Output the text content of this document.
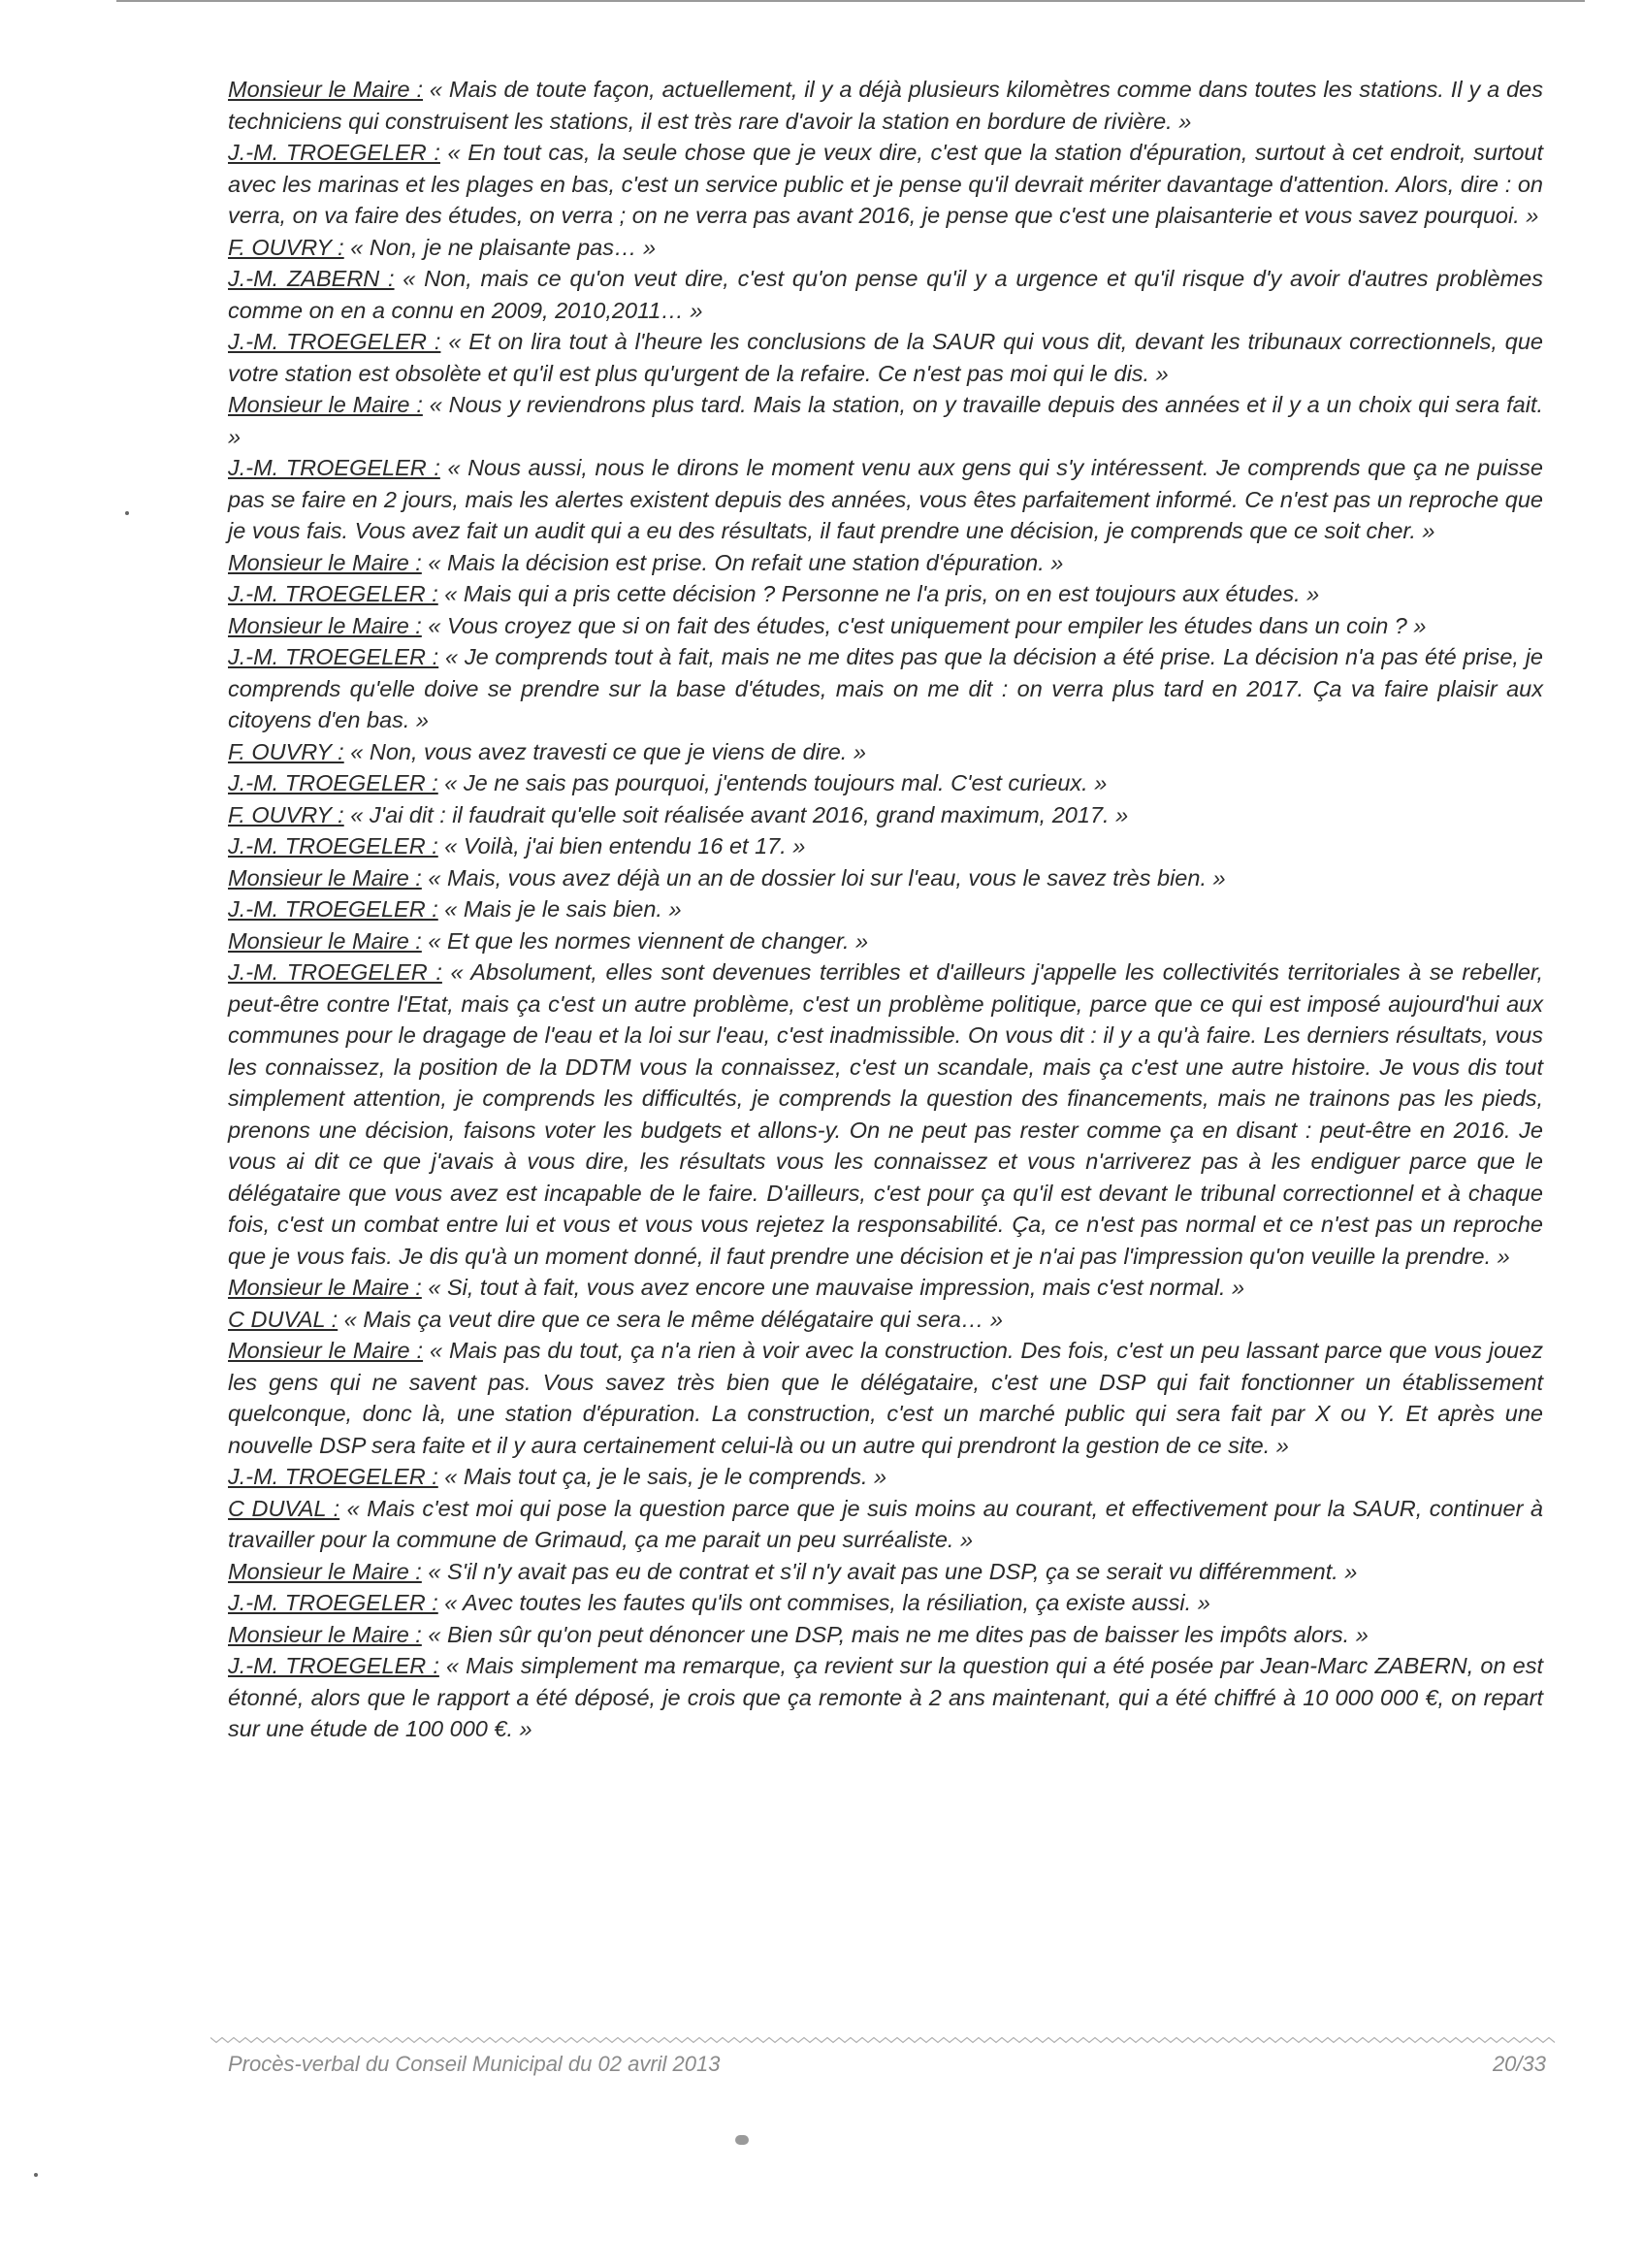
Monsieur le Maire : « Mais de toute façon, actuellement, il y a déjà plusieurs kilomètres comme dans toutes les stations. Il y a des techniciens qui construisent les stations, il est très rare d'avoir la station en bordure de rivière. »

J.-M. TROEGELER : « En tout cas, la seule chose que je veux dire, c'est que la station d'épuration, surtout à cet endroit, surtout avec les marinas et les plages en bas, c'est un service public et je pense qu'il devrait mériter davantage d'attention. Alors, dire : on verra, on va faire des études, on verra ; on ne verra pas avant 2016, je pense que c'est une plaisanterie et vous savez pourquoi. »

F. OUVRY : « Non, je ne plaisante pas… »

J.-M. ZABERN : « Non, mais ce qu'on veut dire, c'est qu'on pense qu'il y a urgence et qu'il risque d'y avoir d'autres problèmes comme on en a connu en 2009, 2010,2011… »

J.-M. TROEGELER : « Et on lira tout à l'heure les conclusions de la SAUR qui vous dit, devant les tribunaux correctionnels, que votre station est obsolète et qu'il est plus qu'urgent de la refaire. Ce n'est pas moi qui le dis. »

Monsieur le Maire : « Nous y reviendrons plus tard. Mais la station, on y travaille depuis des années et il y a un choix qui sera fait. »

J.-M. TROEGELER : « Nous aussi, nous le dirons le moment venu aux gens qui s'y intéressent. Je comprends que ça ne puisse pas se faire en 2 jours, mais les alertes existent depuis des années, vous êtes parfaitement informé. Ce n'est pas un reproche que je vous fais. Vous avez fait un audit qui a eu des résultats, il faut prendre une décision, je comprends que ce soit cher. »

Monsieur le Maire : « Mais la décision est prise. On refait une station d'épuration. »

J.-M. TROEGELER : « Mais qui a pris cette décision ? Personne ne l'a pris, on en est toujours aux études. »

Monsieur le Maire : « Vous croyez que si on fait des études, c'est uniquement pour empiler les études dans un coin ? »

J.-M. TROEGELER : « Je comprends tout à fait, mais ne me dites pas que la décision a été prise. La décision n'a pas été prise, je comprends qu'elle doive se prendre sur la base d'études, mais on me dit : on verra plus tard en 2017. Ça va faire plaisir aux citoyens d'en bas. »

F. OUVRY : « Non, vous avez travesti ce que je viens de dire. »

J.-M. TROEGELER : « Je ne sais pas pourquoi, j'entends toujours mal. C'est curieux. »

F. OUVRY : « J'ai dit : il faudrait qu'elle soit réalisée avant 2016, grand maximum, 2017. »

J.-M. TROEGELER : « Voilà, j'ai bien entendu 16 et 17. »

Monsieur le Maire : « Mais, vous avez déjà un an de dossier loi sur l'eau, vous le savez très bien. »

J.-M. TROEGELER : « Mais je le sais bien. »

Monsieur le Maire : « Et que les normes viennent de changer. »

J.-M. TROEGELER : « Absolument, elles sont devenues terribles et d'ailleurs j'appelle les collectivités territoriales à se rebeller, peut-être contre l'Etat, mais ça c'est un autre problème, c'est un problème politique, parce que ce qui est imposé aujourd'hui aux communes pour le dragage de l'eau et la loi sur l'eau, c'est inadmissible. On vous dit : il y a qu'à faire. Les derniers résultats, vous les connaissez, la position de la DDTM vous la connaissez, c'est un scandale, mais ça c'est une autre histoire. Je vous dis tout simplement attention, je comprends les difficultés, je comprends la question des financements, mais ne trainons pas les pieds, prenons une décision, faisons voter les budgets et allons-y. On ne peut pas rester comme ça en disant : peut-être en 2016. Je vous ai dit ce que j'avais à vous dire, les résultats vous les connaissez et vous n'arriverez pas à les endiguer parce que le délégataire que vous avez est incapable de le faire. D'ailleurs, c'est pour ça qu'il est devant le tribunal correctionnel et à chaque fois, c'est un combat entre lui et vous et vous vous rejetez la responsabilité. Ça, ce n'est pas normal et ce n'est pas un reproche que je vous fais. Je dis qu'à un moment donné, il faut prendre une décision et je n'ai pas l'impression qu'on veuille la prendre. »

Monsieur le Maire : « Si, tout à fait, vous avez encore une mauvaise impression, mais c'est normal. »

C DUVAL : « Mais ça veut dire que ce sera le même délégataire qui sera… »

Monsieur le Maire : « Mais pas du tout, ça n'a rien à voir avec la construction. Des fois, c'est un peu lassant parce que vous jouez les gens qui ne savent pas. Vous savez très bien que le délégataire, c'est une DSP qui fait fonctionner un établissement quelconque, donc là, une station d'épuration. La construction, c'est un marché public qui sera fait par X ou Y. Et après une nouvelle DSP sera faite et il y aura certainement celui-là ou un autre qui prendront la gestion de ce site. »

J.-M. TROEGELER : « Mais tout ça, je le sais, je le comprends. »

C DUVAL : « Mais c'est moi qui pose la question parce que je suis moins au courant, et effectivement pour la SAUR, continuer à travailler pour la commune de Grimaud, ça me parait un peu surréaliste. »

Monsieur le Maire : « S'il n'y avait pas eu de contrat et s'il n'y avait pas une DSP, ça se serait vu différemment. »

J.-M. TROEGELER : « Avec toutes les fautes qu'ils ont commises, la résiliation, ça existe aussi. »

Monsieur le Maire : « Bien sûr qu'on peut dénoncer une DSP, mais ne me dites pas de baisser les impôts alors. »

J.-M. TROEGELER : « Mais simplement ma remarque, ça revient sur la question qui a été posée par Jean-Marc ZABERN, on est étonné, alors que le rapport a été déposé, je crois que ça remonte à 2 ans maintenant, qui a été chiffré à 10 000 000 €, on repart sur une étude de 100 000 €. »

Procès-verbal du Conseil Municipal du 02 avril 2013	20/33
